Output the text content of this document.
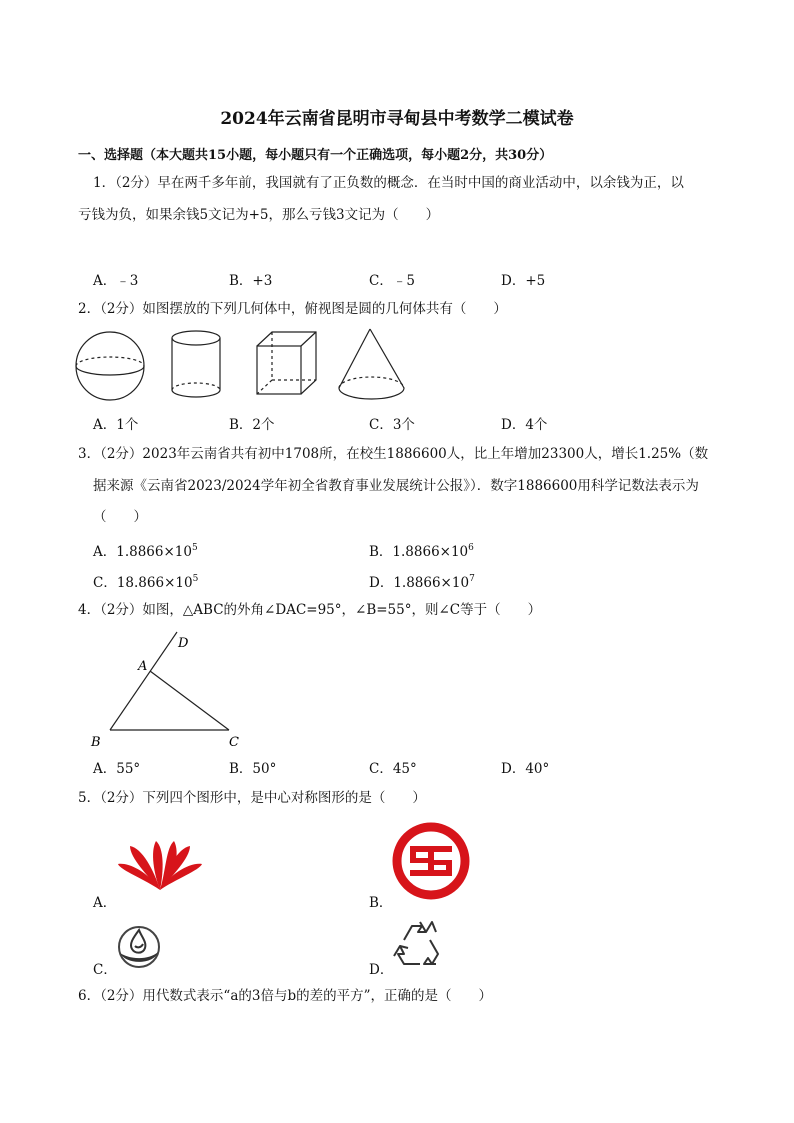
2024年云南省昆明市寻甸县中考数学二模试卷
一、选择题（本大题共15小题，每小题只有一个正确选项，每小题2分，共30分）
1．（2分）早在两千多年前，我国就有了正负数的概念．在当时中国的商业活动中，以余钱为正，以
亏钱为负，如果余钱5文记为+5，那么亏钱3文记为（　　）
A．﹣3	B．+3	C．﹣5	D．+5
2．（2分）如图摆放的下列几何体中，俯视图是圆的几何体共有（　　）
A．1个	B．2个	C．3个	D．4个
3．（2分）2023年云南省共有初中1708所，在校生1886600人，比上年增加23300人，增长1.25%（数
据来源《云南省2023/2024学年初全省教育事业发展统计公报》）．数字1886600用科学记数法表示为
（　　）
A．$1.8866\times 10^5$	B．$1.8866\times 10^6$
C．$18.866\times 10^5$	D．$1.8866\times 10^7$
4．（2分）如图，△ABC的外角∠DAC=95°，∠B=55°，则∠C等于（　　）
B	C
A
D
A．55°	B．50°	C．45°	D．40°
5．（2分）下列四个图形中，是中心对称图形的是（　　）
A．	B．
C．	D．
6．（2分）用代数式表示“a的3倍与b的差的平方”，正确的是（　　）
